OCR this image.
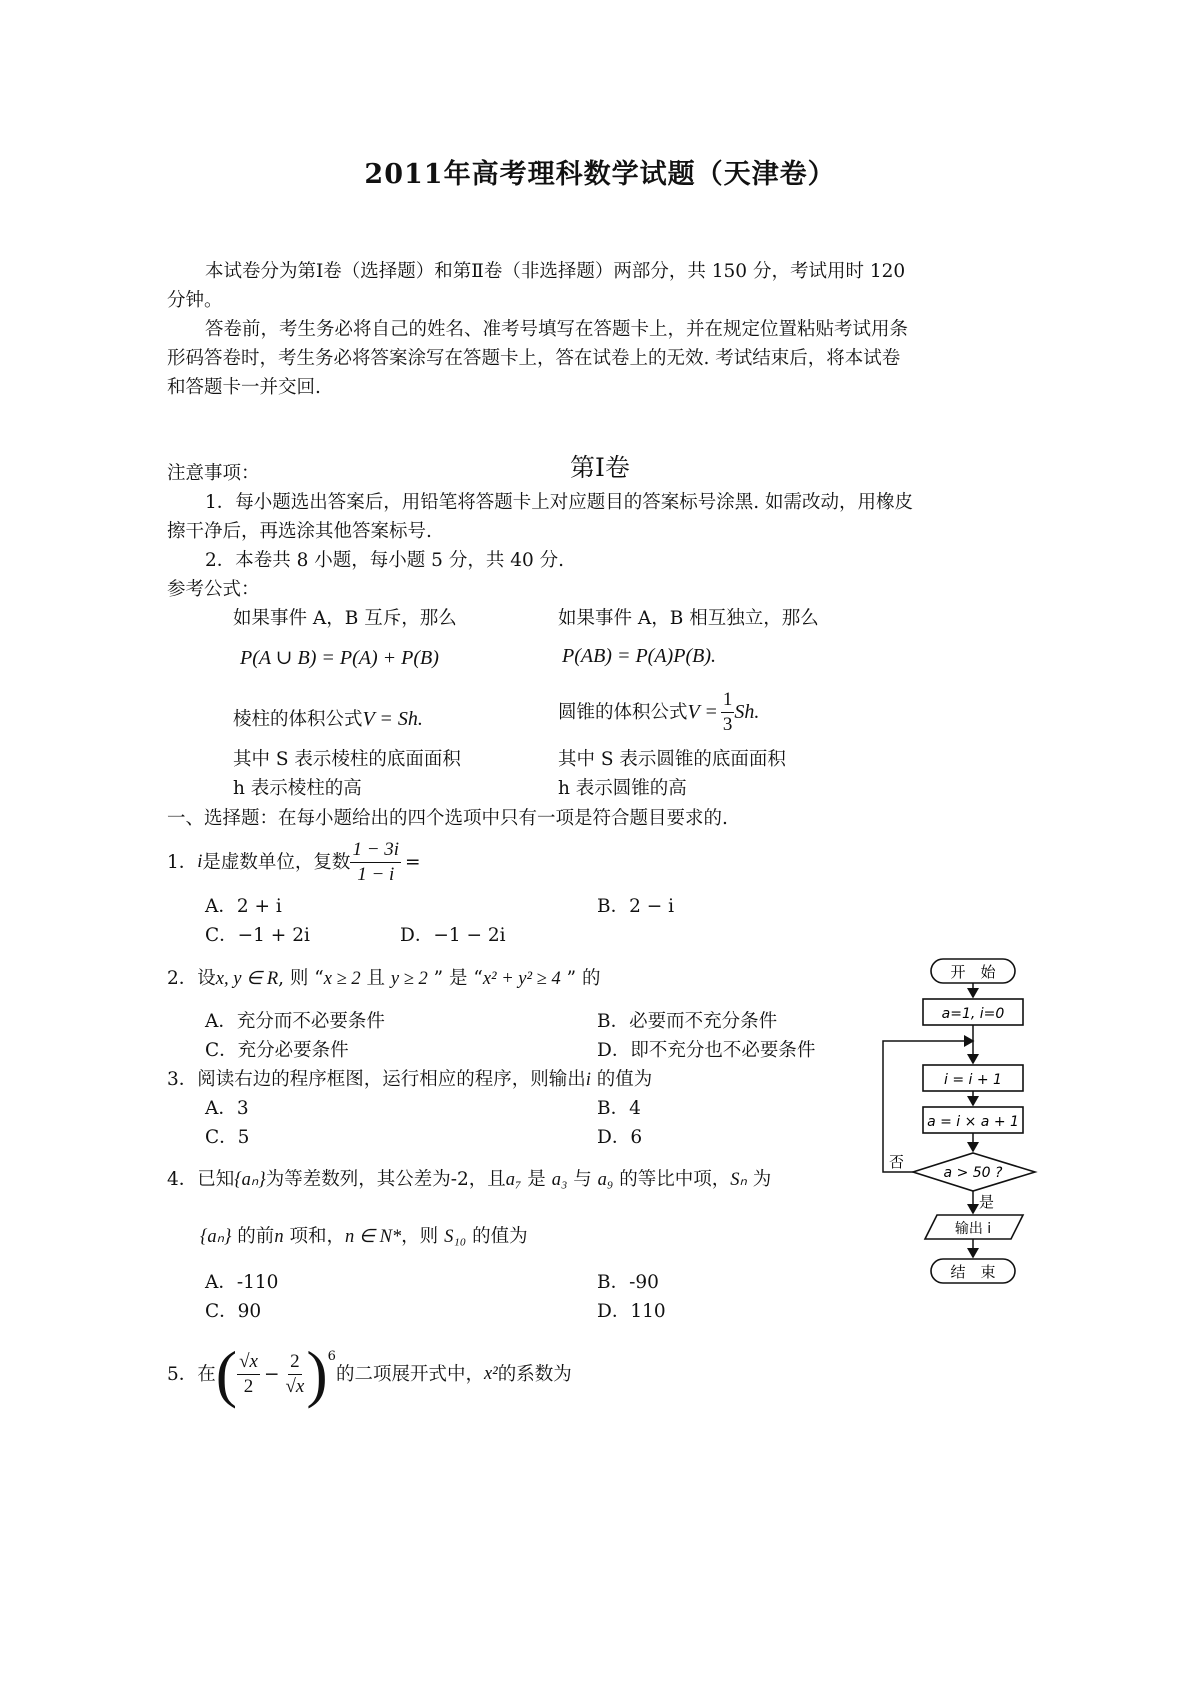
2011年高考理科数学试题（天津卷）
本试卷分为第Ⅰ卷（选择题）和第Ⅱ卷（非选择题）两部分，共 150 分，考试用时 120
分钟。
答卷前，考生务必将自己的姓名、准考号填写在答题卡上，并在规定位置粘贴考试用条
形码答卷时，考生务必将答案涂写在答题卡上，答在试卷上的无效. 考试结束后，将本试卷
和答题卡一并交回.
第Ⅰ卷
注意事项：
1．每小题选出答案后，用铅笔将答题卡上对应题目的答案标号涂黑. 如需改动，用橡皮
擦干净后，再选涂其他答案标号.
2．本卷共 8 小题，每小题 5 分，共 40 分.
参考公式：
如果事件 A，B 互斥，那么	如果事件 A，B 相互独立，那么
P(A ∪ B) = P(A) + P(B)	P(AB) = P(A)P(B).
棱柱的体积公式V = Sh.	圆锥的体积公式 $V = \frac{1}{3} Sh$.
其中 S 表示棱柱的底面面积	其中 S 表示圆锥的底面面积
h 表示棱柱的高	h 表示圆锥的高
一、选择题：在每小题给出的四个选项中只有一项是符合题目要求的.
1． i 是虚数单位，复数 $\frac{1 - 3i}{1 - i}$ =
A．2 + i	B．2 − i
C．−1 + 2i	D．−1 − 2i
2．设x, y ∈ R, 则 “x ≥ 2 且 y ≥ 2 ” 是 “x² + y² ≥ 4 ” 的
A．充分而不必要条件	B．必要而不充分条件
C．充分必要条件	D．即不充分也不必要条件
3．阅读右边的程序框图，运行相应的程序，则输出i 的值为
A．3	B．4
C．5	D．6
4．已知{aₙ}为等差数列，其公差为-2，且a₇ 是 a₃ 与 a₉ 的等比中项，Sₙ 为
{aₙ} 的前n 项和，n ∈ N*，则 S₁₀ 的值为
A．-110	B．-90
C．90	D．110
5．在 ( $\frac{√x}{2} - \frac{2}{√x}$ ) 6
的二项展开式中， x² 的系数为
开　始
a=1, i=0
i = i + 1
a = i × a + 1
a > 50 ?
否
是
输出 i
结　束
